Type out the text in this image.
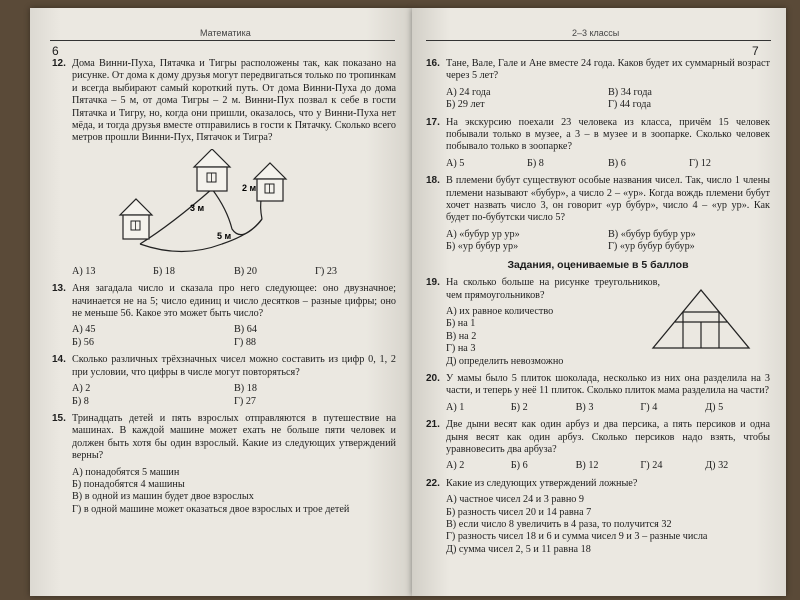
Математика
6
12. Дома Винни-Пуха, Пятачка и Тигры расположены так, как показано на рисунке. От дома к дому друзья могут передвигаться только по тропинкам и всегда выбирают самый короткий путь. От дома Винни-Пуха до дома Пятачка – 5 м, от дома Тигры – 2 м. Винни-Пух позвал к себе в гости Пятачка и Тигру, но, когда они пришли, оказалось, что у Винни-Пуха нет мёда, и тогда друзья вместе отправились в гости к Пятачку. Сколько всего метров прошли Винни-Пух, Пятачок и Тигра?
2 м
3 м
5 м
А) 13	Б) 18	В) 20	Г) 23
13. Аня загадала число и сказала про него следующее: оно двузначное; начинается не на 5; число единиц и число десятков – разные цифры; оно не меньше 56. Какое это может быть число?
А) 45	В) 64
Б) 56	Г) 88
14. Сколько различных трёхзначных чисел можно составить из цифр 0, 1, 2 при условии, что цифры в числе могут повторяться?
А) 2	В) 18
Б) 8	Г) 27
15. Тринадцать детей и пять взрослых отправляются в путешествие на машинах. В каждой машине может ехать не больше пяти человек и должен быть хотя бы один взрослый. Какие из следующих утверждений верны?
А) понадобятся 5 машин
Б) понадобятся 4 машины
В) в одной из машин будет двое взрослых
Г) в одной машине может оказаться двое взрослых и трое детей
2–3 классы
7
16. Тане, Вале, Гале и Ане вместе 24 года. Каков будет их суммарный возраст через 5 лет?
А) 24 года	В) 34 года
Б) 29 лет	Г) 44 года
17. На экскурсию поехали 23 человека из класса, причём 15 человек побывали только в музее, а 3 – в музее и в зоопарке. Сколько человек побывало только в зоопарке?
А) 5	Б) 8	В) 6	Г) 12
18. В племени бубут существуют особые названия чисел. Так, число 1 члены племени называют «бубур», а число 2 – «ур». Когда вождь племени бубут хочет назвать число 3, он говорит «ур бубур», число 4 – «ур ур». Как будет по-бубутски число 5?
А) «бубур ур ур»	В) «бубур бубур ур»
Б) «ур бубур ур»	Г) «ур бубур бубур»
Задания, оцениваемые в 5 баллов
19. На сколько больше на рисунке треугольников, чем прямоугольников?
А) их равное количество
Б) на 1
В) на 2
Г) на 3
Д) определить невозможно
20. У мамы было 5 плиток шоколада, несколько из них она разделила на 3 части, и теперь у неё 11 плиток. Сколько плиток мама разделила на части?
А) 1	Б) 2	В) 3	Г) 4	Д) 5
21. Две дыни весят как один арбуз и два персика, а пять персиков и одна дыня весят как один арбуз. Сколько персиков надо взять, чтобы уравновесить два арбуза?
А) 2	Б) 6	В) 12	Г) 24	Д) 32
22. Какие из следующих утверждений ложные?
А) частное чисел 24 и 3 равно 9
Б) разность чисел 20 и 14 равна 7
В) если число 8 увеличить в 4 раза, то получится 32
Г) разность чисел 18 и 6 и сумма чисел 9 и 3 – разные числа
Д) сумма чисел 2, 5 и 11 равна 18
